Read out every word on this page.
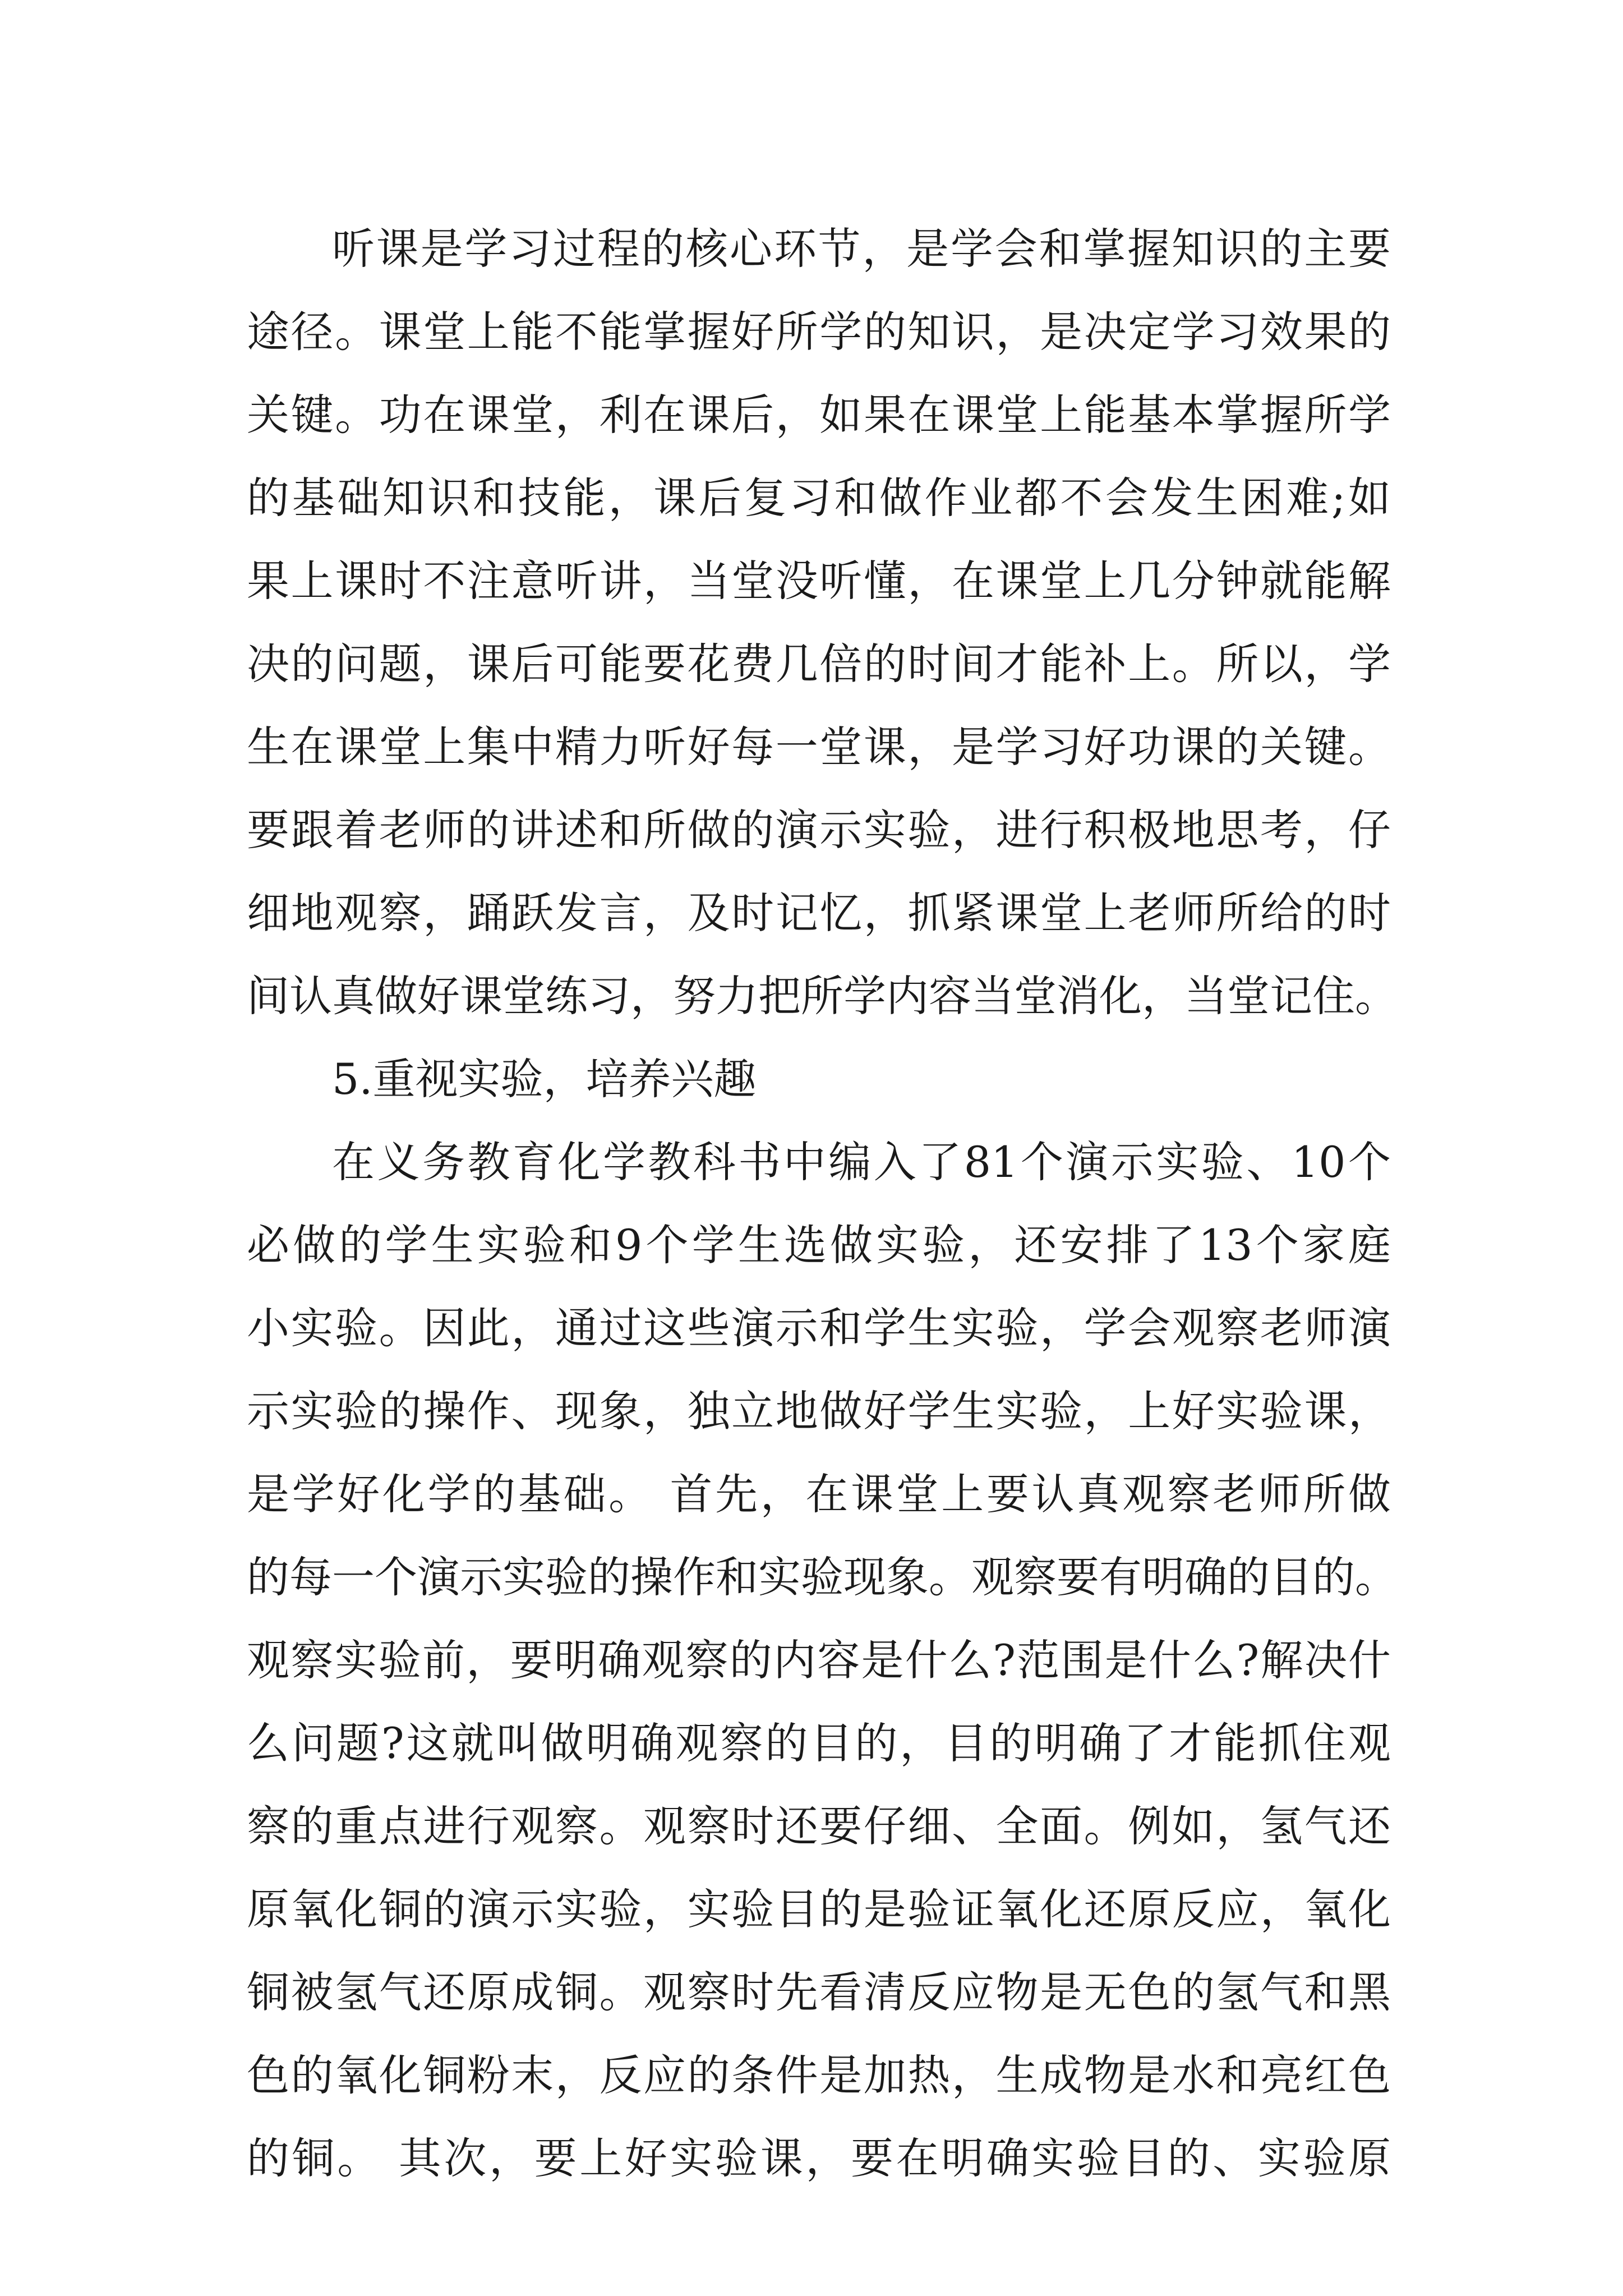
听课是学习过程的核心环节，是学会和掌握知识的主要
途径。课堂上能不能掌握好所学的知识，是决定学习效果的
关键。功在课堂，利在课后，如果在课堂上能基本掌握所学
的基础知识和技能，课后复习和做作业都不会发生困难;如
果上课时不注意听讲，当堂没听懂，在课堂上几分钟就能解
决的问题，课后可能要花费几倍的时间才能补上。所以，学
生在课堂上集中精力听好每一堂课，是学习好功课的关键。
要跟着老师的讲述和所做的演示实验，进行积极地思考，仔
细地观察，踊跃发言，及时记忆，抓紧课堂上老师所给的时
间认真做好课堂练习，努力把所学内容当堂消化，当堂记住。
5.重视实验，培养兴趣
在义务教育化学教科书中编入了81个演示实验、10个
必做的学生实验和9个学生选做实验，还安排了13个家庭
小实验。因此，通过这些演示和学生实验，学会观察老师演
示实验的操作、现象，独立地做好学生实验，上好实验课，
是学好化学的基础。 首先，在课堂上要认真观察老师所做
的每一个演示实验的操作和实验现象。观察要有明确的目的。
观察实验前，要明确观察的内容是什么?范围是什么?解决什
么问题?这就叫做明确观察的目的，目的明确了才能抓住观
察的重点进行观察。观察时还要仔细、全面。例如，氢气还
原氧化铜的演示实验，实验目的是验证氧化还原反应，氧化
铜被氢气还原成铜。观察时先看清反应物是无色的氢气和黑
色的氧化铜粉末，反应的条件是加热，生成物是水和亮红色
的铜。 其次，要上好实验课，要在明确实验目的、实验原
